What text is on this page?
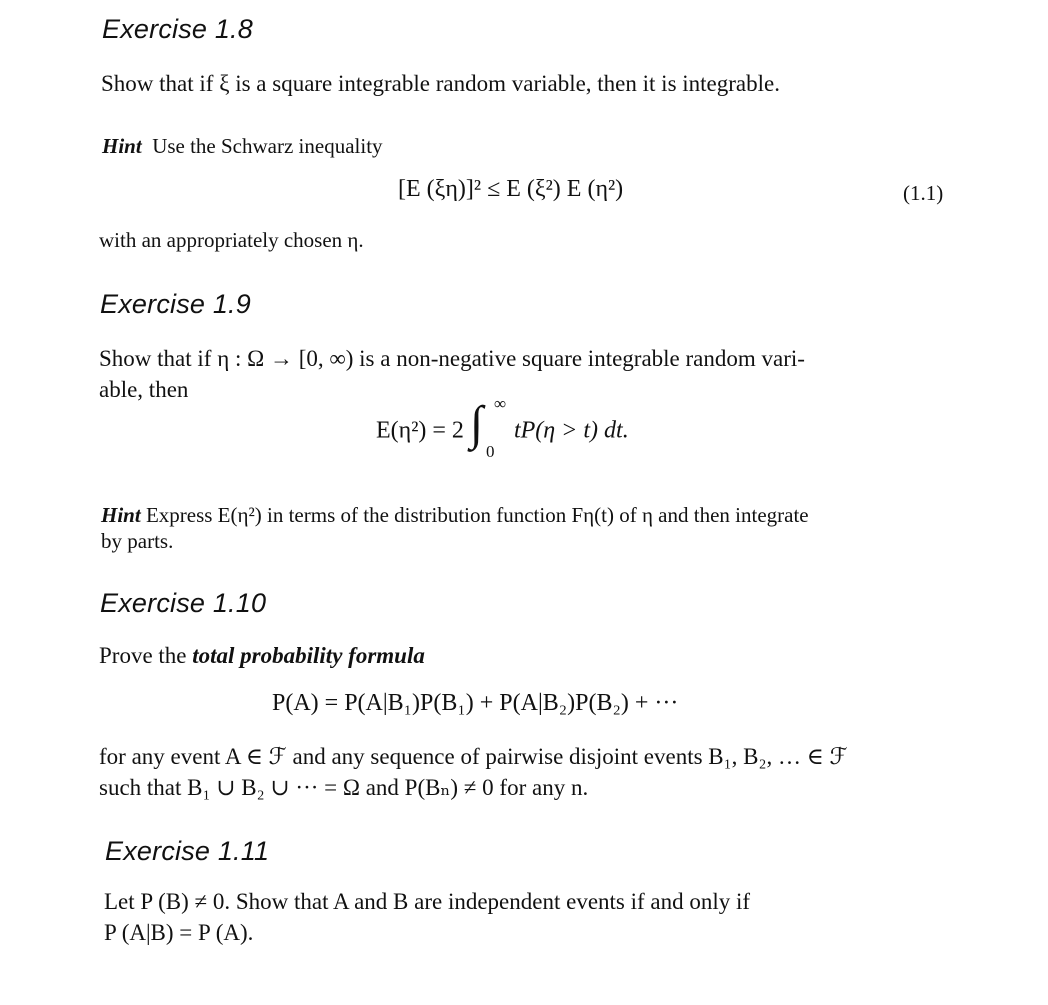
Exercise 1.8
Show that if ξ is a square integrable random variable, then it is integrable.
Hint Use the Schwarz inequality
[E (ξη)]² ≤ E (ξ²) E (η²)	(1.1)
with an appropriately chosen η.
Exercise 1.9
Show that if η : Ω → [0, ∞) is a non-negative square integrable random vari-
able, then
E(η²) = 2 ∫ ∞
0
tP(η > t) dt.
Hint Express E(η²) in terms of the distribution function Fη(t) of η and then integrate
by parts.
Exercise 1.10
Prove the total probability formula
P(A) = P(A|B₁)P(B₁) + P(A|B₂)P(B₂) + ···
for any event A ∈ ℱ and any sequence of pairwise disjoint events B₁, B₂, … ∈ ℱ
such that B₁ ∪ B₂ ∪ ··· = Ω and P(Bₙ) ≠ 0 for any n.
Exercise 1.11
Let P (B) ≠ 0. Show that A and B are independent events if and only if
P (A|B) = P (A).
